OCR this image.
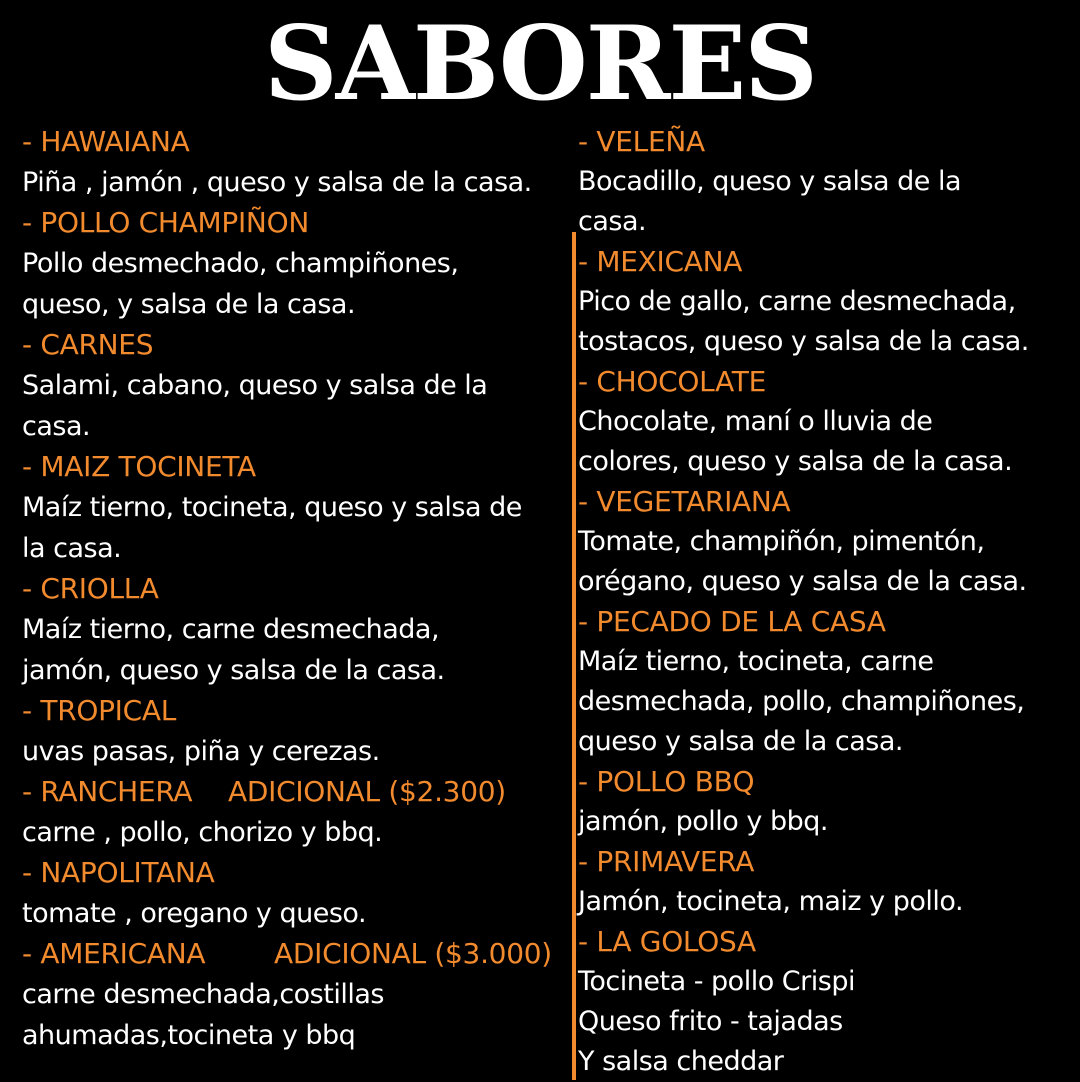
SABORES
- HAWAIANA
Piña , jamón , queso y salsa de la casa.
- POLLO CHAMPIÑON
Pollo desmechado, champiñones,
queso, y salsa de la casa.
- CARNES
Salami, cabano, queso y salsa de la
casa.
- MAIZ TOCINETA
Maíz tierno, tocineta, queso y salsa de
la casa.
- CRIOLLA
Maíz tierno, carne desmechada,
jamón, queso y salsa de la casa.
- TROPICAL
uvas pasas, piña y cerezas.
- RANCHERA ADICIONAL ($2.300)
carne , pollo, chorizo y bbq.
- NAPOLITANA
tomate , oregano y queso.
- AMERICANA ADICIONAL ($3.000)
carne desmechada,costillas
ahumadas,tocineta y bbq
- VELEÑA
Bocadillo, queso y salsa de la
casa.
- MEXICANA
Pico de gallo, carne desmechada,
tostacos, queso y salsa de la casa.
- CHOCOLATE
Chocolate, maní o lluvia de
colores, queso y salsa de la casa.
- VEGETARIANA
Tomate, champiñón, pimentón,
orégano, queso y salsa de la casa.
- PECADO DE LA CASA
Maíz tierno, tocineta, carne
desmechada, pollo, champiñones,
queso y salsa de la casa.
- POLLO BBQ
jamón, pollo y bbq.
- PRIMAVERA
Jamón, tocineta, maiz y pollo.
- LA GOLOSA
Tocineta - pollo Crispi
Queso frito - tajadas
Y salsa cheddar
